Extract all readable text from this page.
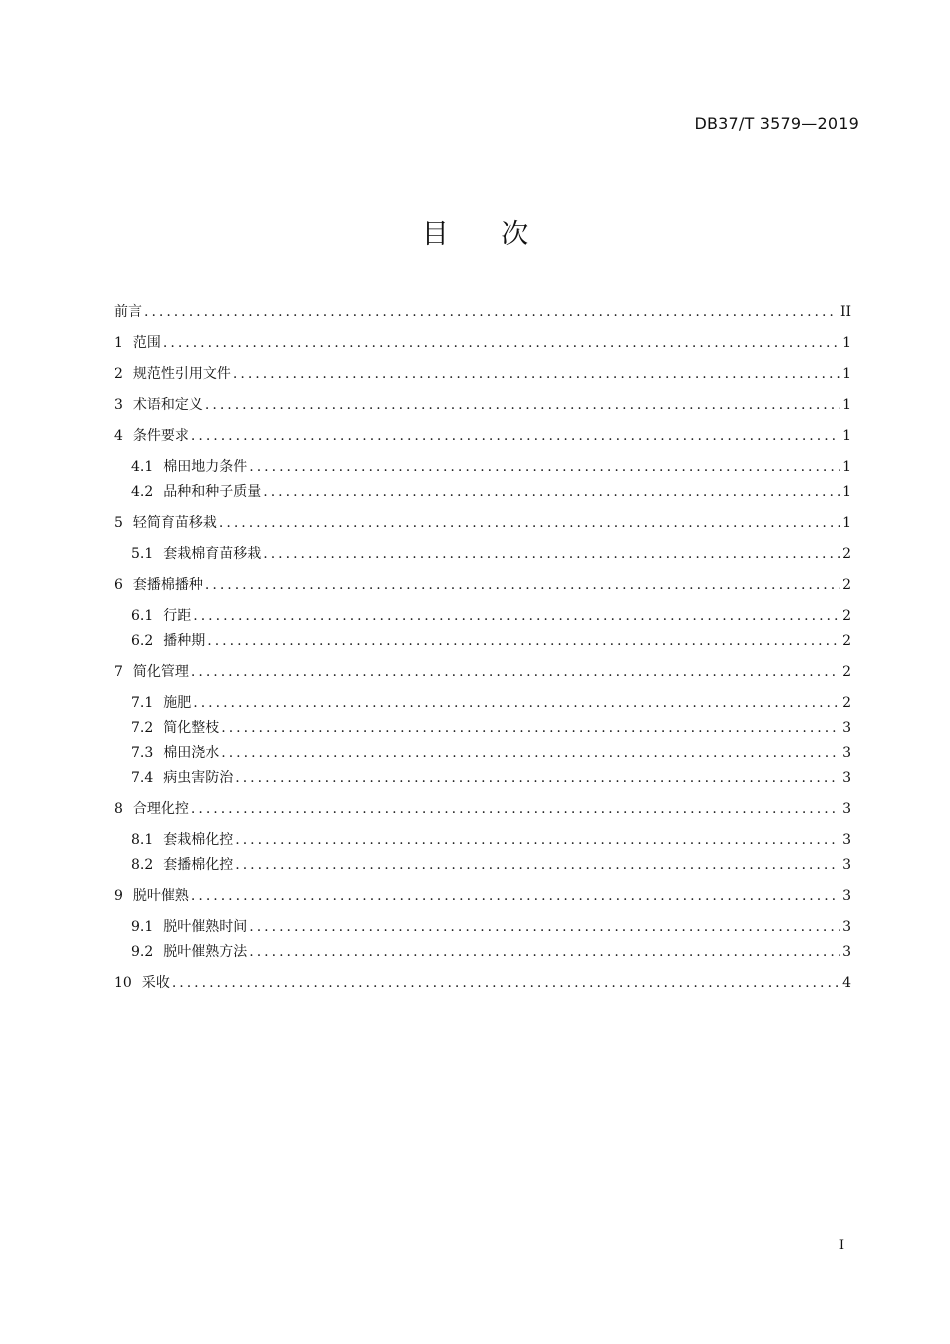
DB37/T 3579—2019
目 次
前言 .....	II
1 范围 .....	1
2 规范性引用文件 .....	1
3 术语和定义 .....	1
4 条件要求 .....	1
4.1 棉田地力条件 .....	1
4.2 品种和种子质量 .....	1
5 轻简育苗移栽 .....	1
5.1 套栽棉育苗移栽 .....	2
6 套播棉播种 .....	2
6.1 行距 .....	2
6.2 播种期 .....	2
7 简化管理 .....	2
7.1 施肥 .....	2
7.2 简化整枝 .....	3
7.3 棉田浇水 .....	3
7.4 病虫害防治 .....	3
8 合理化控 .....	3
8.1 套栽棉化控 .....	3
8.2 套播棉化控 .....	3
9 脱叶催熟 .....	3
9.1 脱叶催熟时间 .....	3
9.2 脱叶催熟方法 .....	3
10 采收 .....	4
I
